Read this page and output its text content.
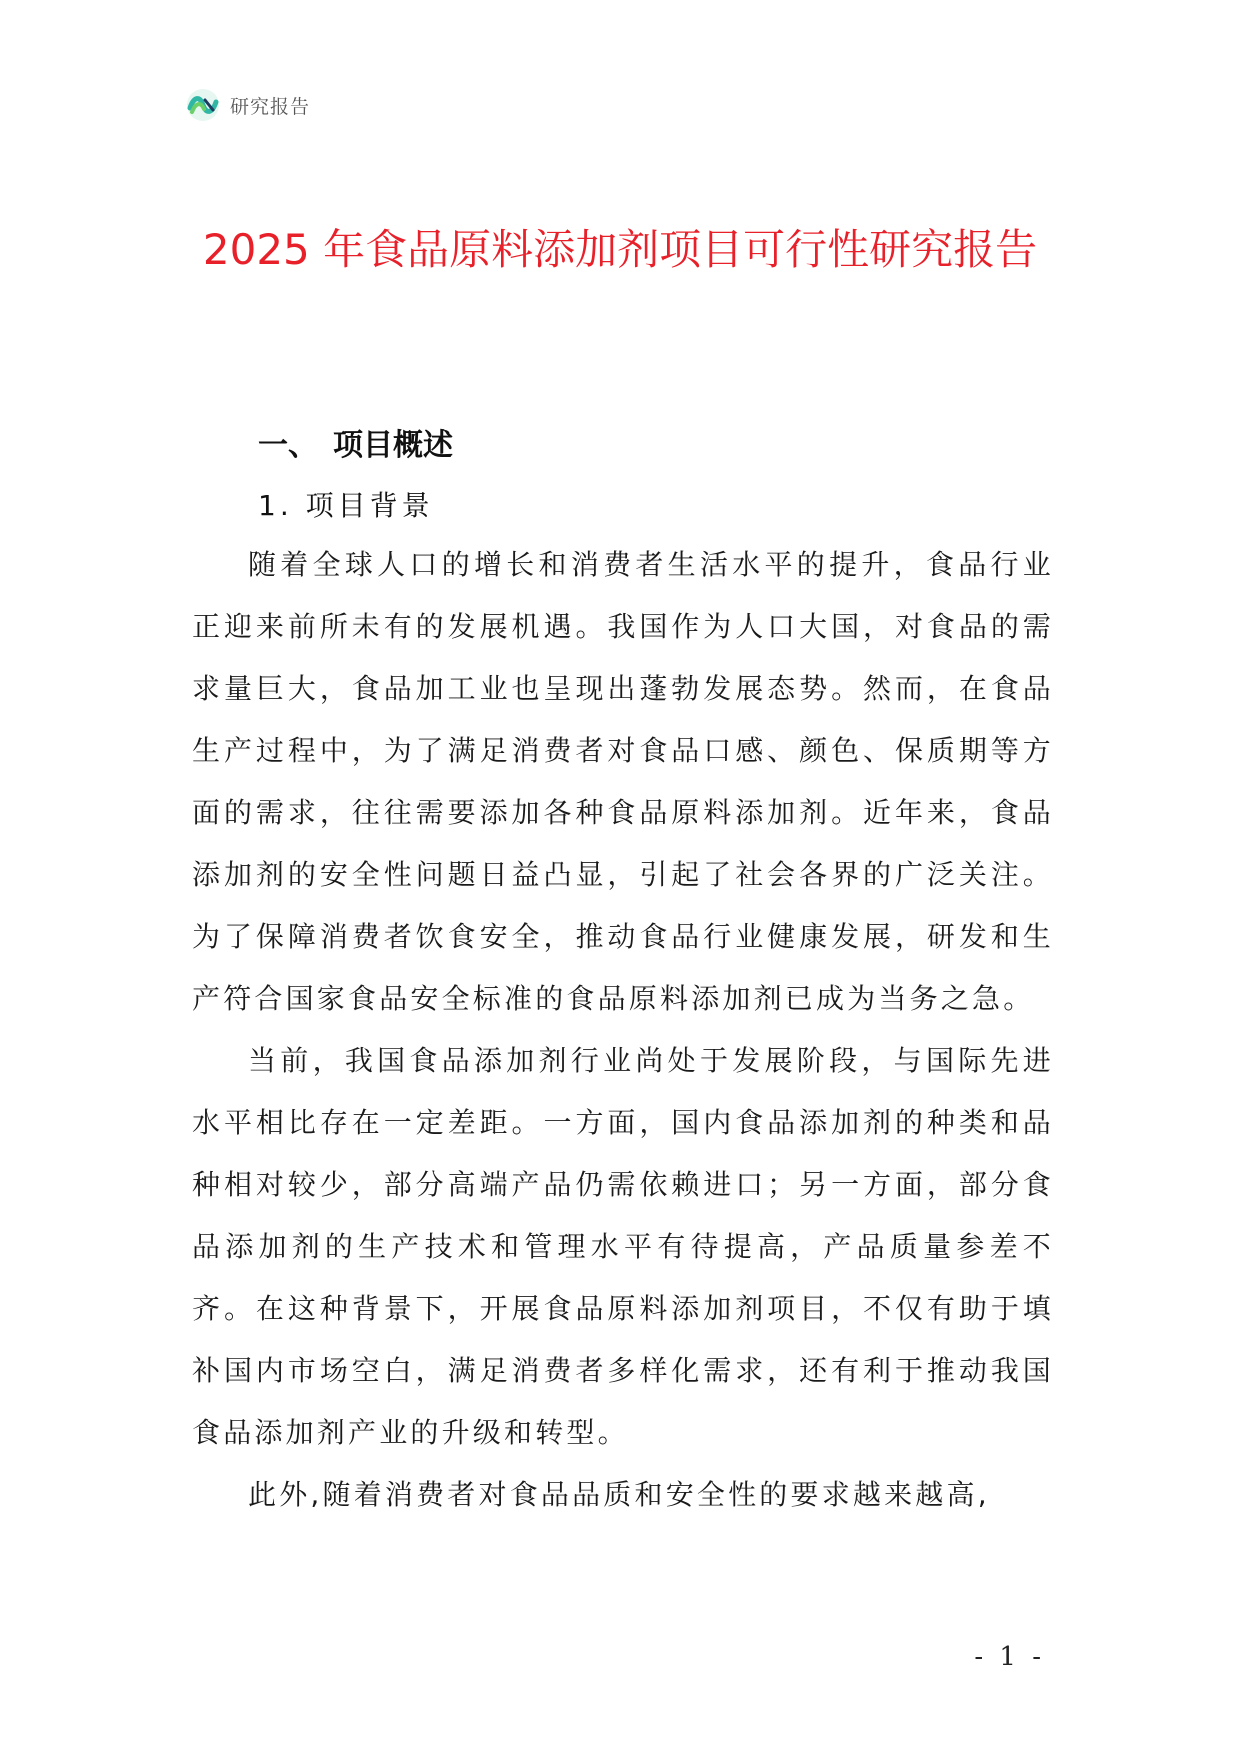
研究报告
2025 年食品原料添加剂项目可行性研究报告
一、　项目概述
1. 项目背景

随着全球人口的增长和消费者生活水平的提升，食品行业正迎来前所未有的发展机遇。我国作为人口大国，对食品的需求量巨大，食品加工业也呈现出蓬勃发展态势。然而，在食品生产过程中，为了满足消费者对食品口感、颜色、保质期等方面的需求，往往需要添加各种食品原料添加剂。近年来，食品添加剂的安全性问题日益凸显，引起了社会各界的广泛关注。为了保障消费者饮食安全，推动食品行业健康发展，研发和生产符合国家食品安全标准的食品原料添加剂已成为当务之急。

当前，我国食品添加剂行业尚处于发展阶段，与国际先进水平相比存在一定差距。一方面，国内食品添加剂的种类和品种相对较少，部分高端产品仍需依赖进口；另一方面，部分食品添加剂的生产技术和管理水平有待提高，产品质量参差不齐。在这种背景下，开展食品原料添加剂项目，不仅有助于填补国内市场空白，满足消费者多样化需求，还有利于推动我国食品添加剂产业的升级和转型。

此外,随着消费者对食品品质和安全性的要求越来越高,

- 1 -
